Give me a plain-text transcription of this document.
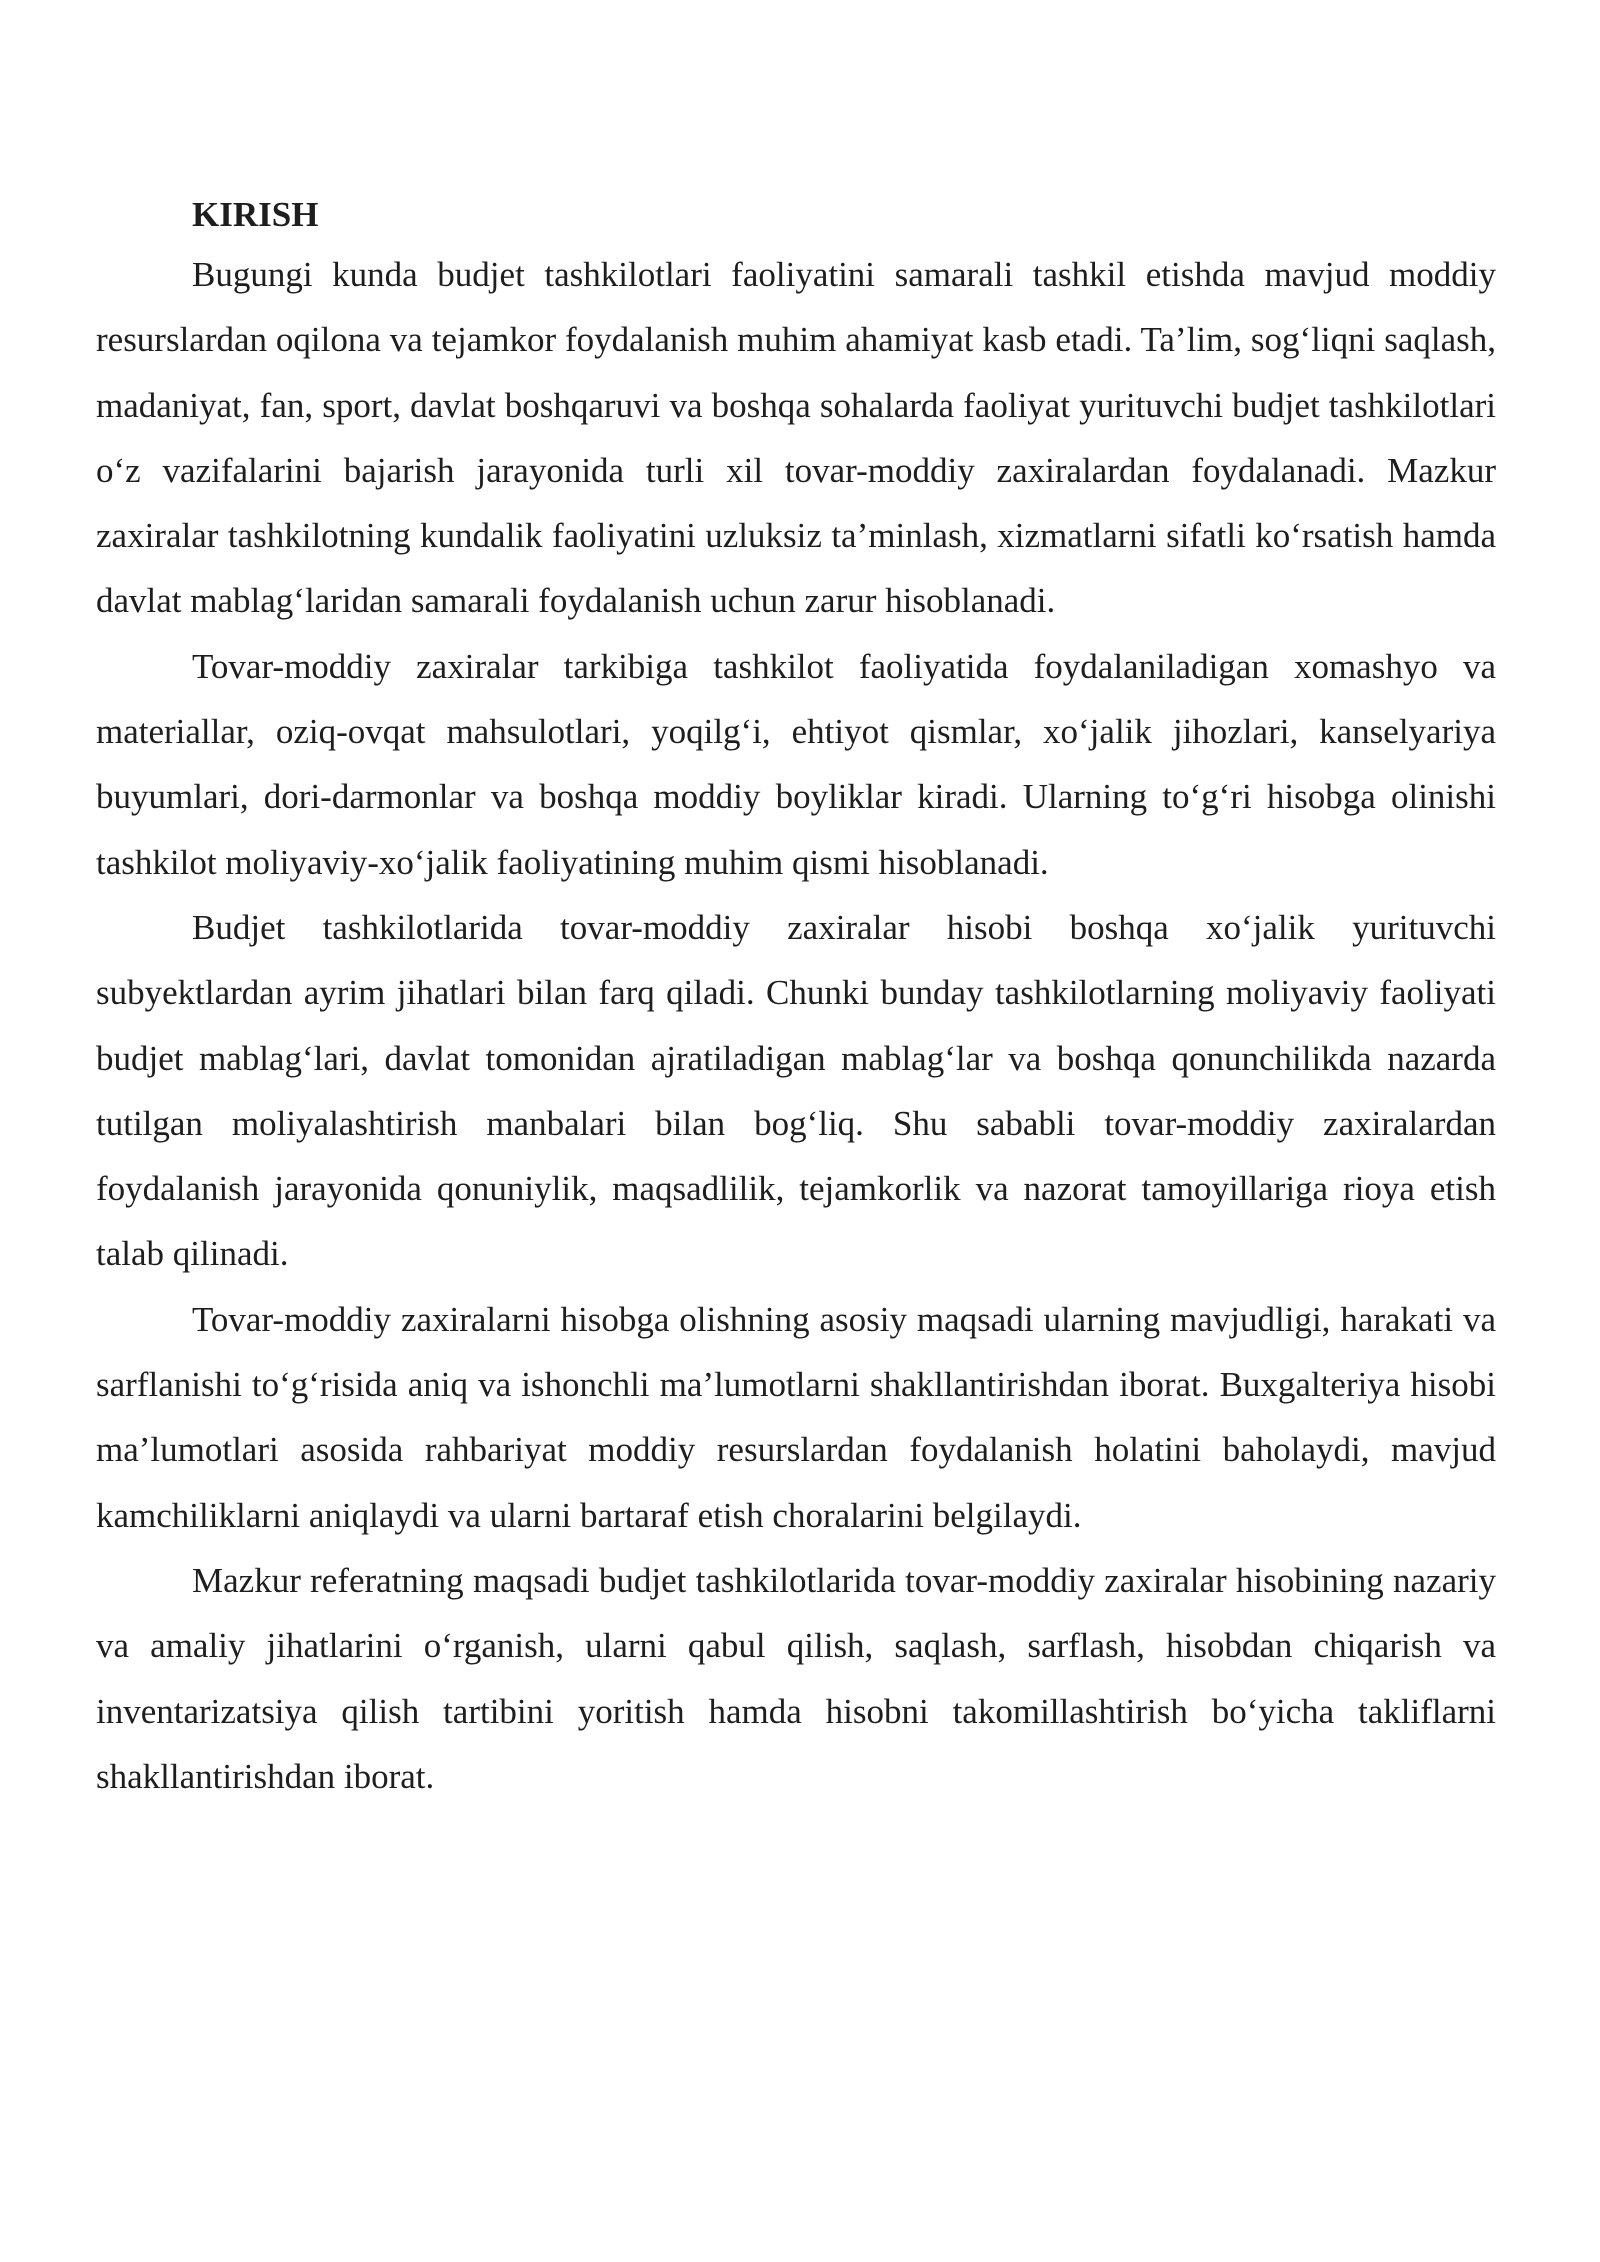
KIRISH

Bugungi kunda budjet tashkilotlari faoliyatini samarali tashkil etishda mavjud moddiy resurslardan oqilona va tejamkor foydalanish muhim ahamiyat kasb etadi. Ta’lim, sog‘liqni saqlash, madaniyat, fan, sport, davlat boshqaruvi va boshqa sohalarda faoliyat yurituvchi budjet tashkilotlari o‘z vazifalarini bajarish jarayonida turli xil tovar-moddiy zaxiralardan foydalanadi. Mazkur zaxiralar tashkilotning kundalik faoliyatini uzluksiz ta’minlash, xizmatlarni sifatli ko‘rsatish hamda davlat mablag‘laridan samarali foydalanish uchun zarur hisoblanadi.

Tovar-moddiy zaxiralar tarkibiga tashkilot faoliyatida foydalaniladigan xomashyo va materiallar, oziq-ovqat mahsulotlari, yoqilg‘i, ehtiyot qismlar, xo‘jalik jihozlari, kanselyariya buyumlari, dori-darmonlar va boshqa moddiy boyliklar kiradi. Ularning to‘g‘ri hisobga olinishi tashkilot moliyaviy-xo‘jalik faoliyatining muhim qismi hisoblanadi.

Budjet tashkilotlarida tovar-moddiy zaxiralar hisobi boshqa xo‘jalik yurituvchi subyektlardan ayrim jihatlari bilan farq qiladi. Chunki bunday tashkilotlarning moliyaviy faoliyati budjet mablag‘lari, davlat tomonidan ajratiladigan mablag‘lar va boshqa qonunchilikda nazarda tutilgan moliyalashtirish manbalari bilan bog‘liq. Shu sababli tovar-moddiy zaxiralardan foydalanish jarayonida qonuniylik, maqsadlilik, tejamkorlik va nazorat tamoyillariga rioya etish talab qilinadi.

Tovar-moddiy zaxiralarni hisobga olishning asosiy maqsadi ularning mavjudligi, harakati va sarflanishi to‘g‘risida aniq va ishonchli ma’lumotlarni shakllantirishdan iborat. Buxgalteriya hisobi ma’lumotlari asosida rahbariyat moddiy resurslardan foydalanish holatini baholaydi, mavjud kamchiliklarni aniqlaydi va ularni bartaraf etish choralarini belgilaydi.

Mazkur referatning maqsadi budjet tashkilotlarida tovar-moddiy zaxiralar hisobining nazariy va amaliy jihatlarini o‘rganish, ularni qabul qilish, saqlash, sarflash, hisobdan chiqarish va inventarizatsiya qilish tartibini yoritish hamda hisobni takomillashtirish bo‘yicha takliflarni shakllantirishdan iborat.
